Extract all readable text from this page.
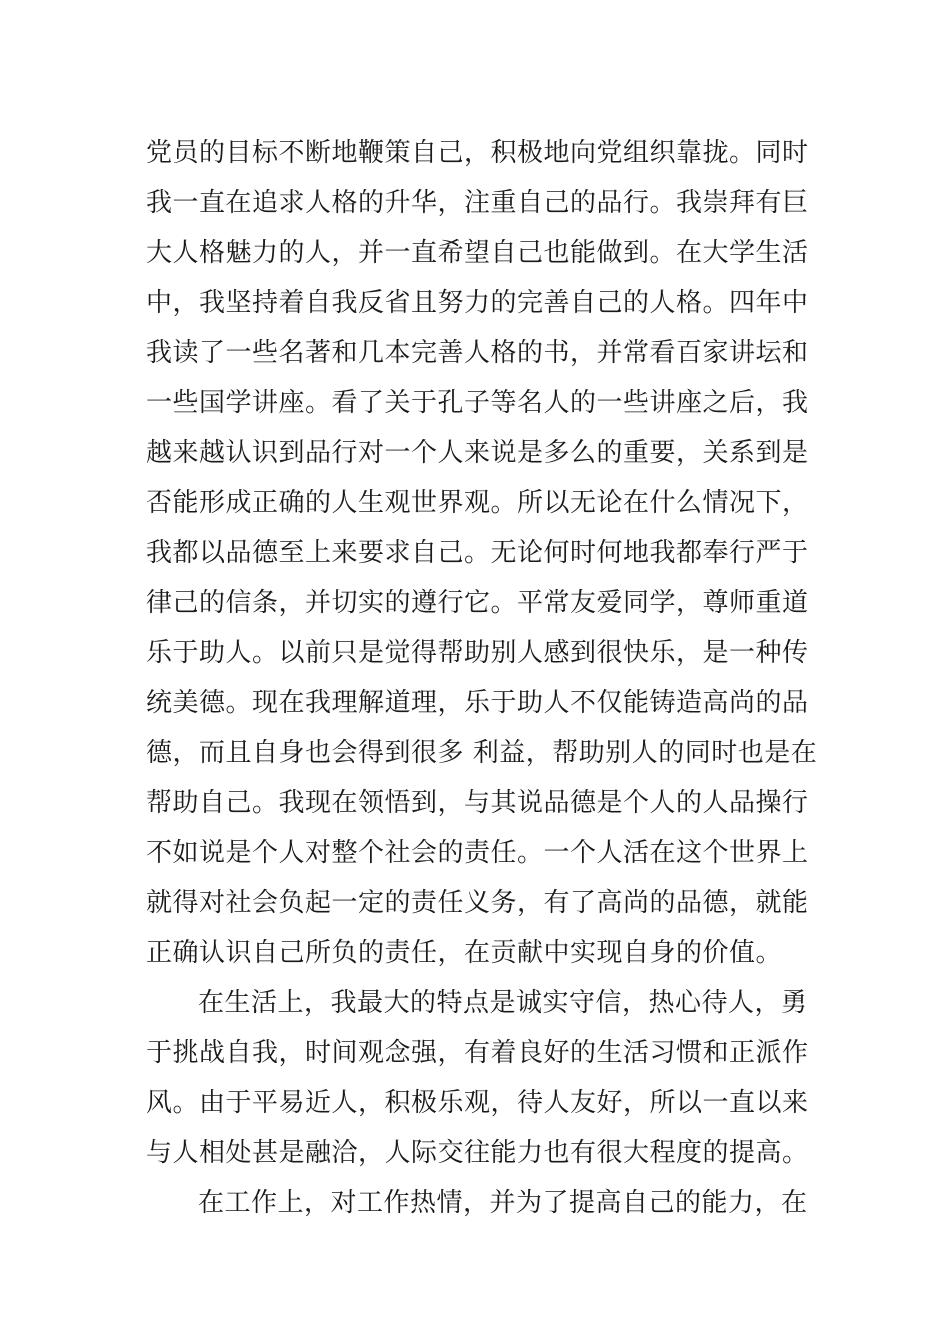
党员的目标不断地鞭策自己，积极地向党组织靠拢。同时
我一直在追求人格的升华，注重自己的品行。我崇拜有巨
大人格魅力的人，并一直希望自己也能做到。在大学生活
中，我坚持着自我反省且努力的完善自己的人格。四年中
我读了一些名著和几本完善人格的书，并常看百家讲坛和
一些国学讲座。看了关于孔子等名人的一些讲座之后，我
越来越认识到品行对一个人来说是多么的重要，关系到是
否能形成正确的人生观世界观。所以无论在什么情况下，
我都以品德至上来要求自己。无论何时何地我都奉行严于
律己的信条，并切实的遵行它。平常友爱同学，尊师重道
乐于助人。以前只是觉得帮助别人感到很快乐，是一种传
统美德。现在我理解道理，乐于助人不仅能铸造高尚的品
德，而且自身也会得到很多 利益，帮助别人的同时也是在
帮助自己。我现在领悟到，与其说品德是个人的人品操行
不如说是个人对整个社会的责任。一个人活在这个世界上
就得对社会负起一定的责任义务，有了高尚的品德，就能
正确认识自己所负的责任，在贡献中实现自身的价值。
在生活上，我最大的特点是诚实守信，热心待人，勇
于挑战自我，时间观念强，有着良好的生活习惯和正派作
风。由于平易近人，积极乐观，待人友好，所以一直以来
与人相处甚是融洽，人际交往能力也有很大程度的提高。
在工作上，对工作热情，并为了提高自己的能力，在
